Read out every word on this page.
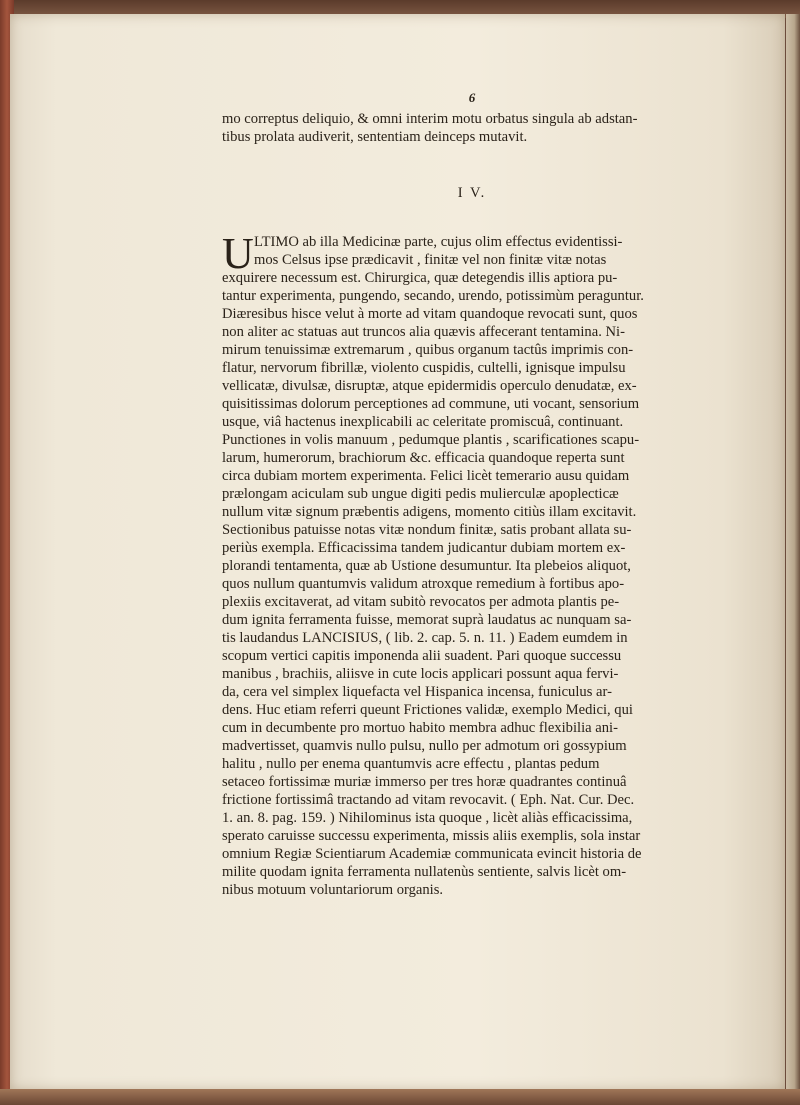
6
mo correptus deliquio, & omni interim motu orbatus singula ab adstan-
tibus prolata audiverit, sententiam deinceps mutavit.
I V.
U LTIMO ab illa Medicinæ parte, cujus olim effectus evidentissi-
mos Celsus ipse prædicavit , finitæ vel non finitæ vitæ notas
exquirere necessum est. Chirurgica, quæ detegendis illis aptiora pu-
tantur experimenta, pungendo, secando, urendo, potissimùm peraguntur.
Diæresibus hisce velut à morte ad vitam quandoque revocati sunt, quos
non aliter ac statuas aut truncos alia quævis affecerant tentamina. Ni-
mirum tenuissimæ extremarum , quibus organum tactûs imprimis con-
flatur, nervorum fibrillæ, violento cuspidis, cultelli, ignisque impulsu
vellicatæ, divulsæ, disruptæ, atque epidermidis operculo denudatæ, ex-
quisitissimas dolorum perceptiones ad commune, uti vocant, sensorium
usque, viâ hactenus inexplicabili ac celeritate promiscuâ, continuant.
Punctiones in volis manuum , pedumque plantis , scarificationes scapu-
larum, humerorum, brachiorum &c. efficacia quandoque reperta sunt
circa dubiam mortem experimenta. Felici licèt temerario ausu quidam
prælongam aciculam sub ungue digiti pedis mulierculæ apoplecticæ
nullum vitæ signum præbentis adigens, momento citiùs illam excitavit.
Sectionibus patuisse notas vitæ nondum finitæ, satis probant allata su-
periùs exempla. Efficacissima tandem judicantur dubiam mortem ex-
plorandi tentamenta, quæ ab Ustione desumuntur. Ita plebeios aliquot,
quos nullum quantumvis validum atroxque remedium à fortibus apo-
plexiis excitaverat, ad vitam subitò revocatos per admota plantis pe-
dum ignita ferramenta fuisse, memorat suprà laudatus ac nunquam sa-
tis laudandus LANCISIUS, ( lib. 2. cap. 5. n. 11. ) Eadem eumdem in
scopum vertici capitis imponenda alii suadent. Pari quoque successu
manibus , brachiis, aliisve in cute locis applicari possunt aqua fervi-
da, cera vel simplex liquefacta vel Hispanica incensa, funiculus ar-
dens. Huc etiam referri queunt Frictiones validæ, exemplo Medici, qui
cum in decumbente pro mortuo habito membra adhuc flexibilia ani-
madvertisset, quamvis nullo pulsu, nullo per admotum ori gossypium
halitu , nullo per enema quantumvis acre effectu , plantas pedum
setaceo fortissimæ muriæ immerso per tres horæ quadrantes continuâ
frictione fortissimâ tractando ad vitam revocavit. ( Eph. Nat. Cur. Dec.
1. an. 8. pag. 159. ) Nihilominus ista quoque , licèt aliàs efficacissima,
sperato caruisse successu experimenta, missis aliis exemplis, sola instar
omnium Regiæ Scientiarum Academiæ communicata evincit historia de
milite quodam ignita ferramenta nullatenùs sentiente, salvis licèt om-
nibus motuum voluntariorum organis.
